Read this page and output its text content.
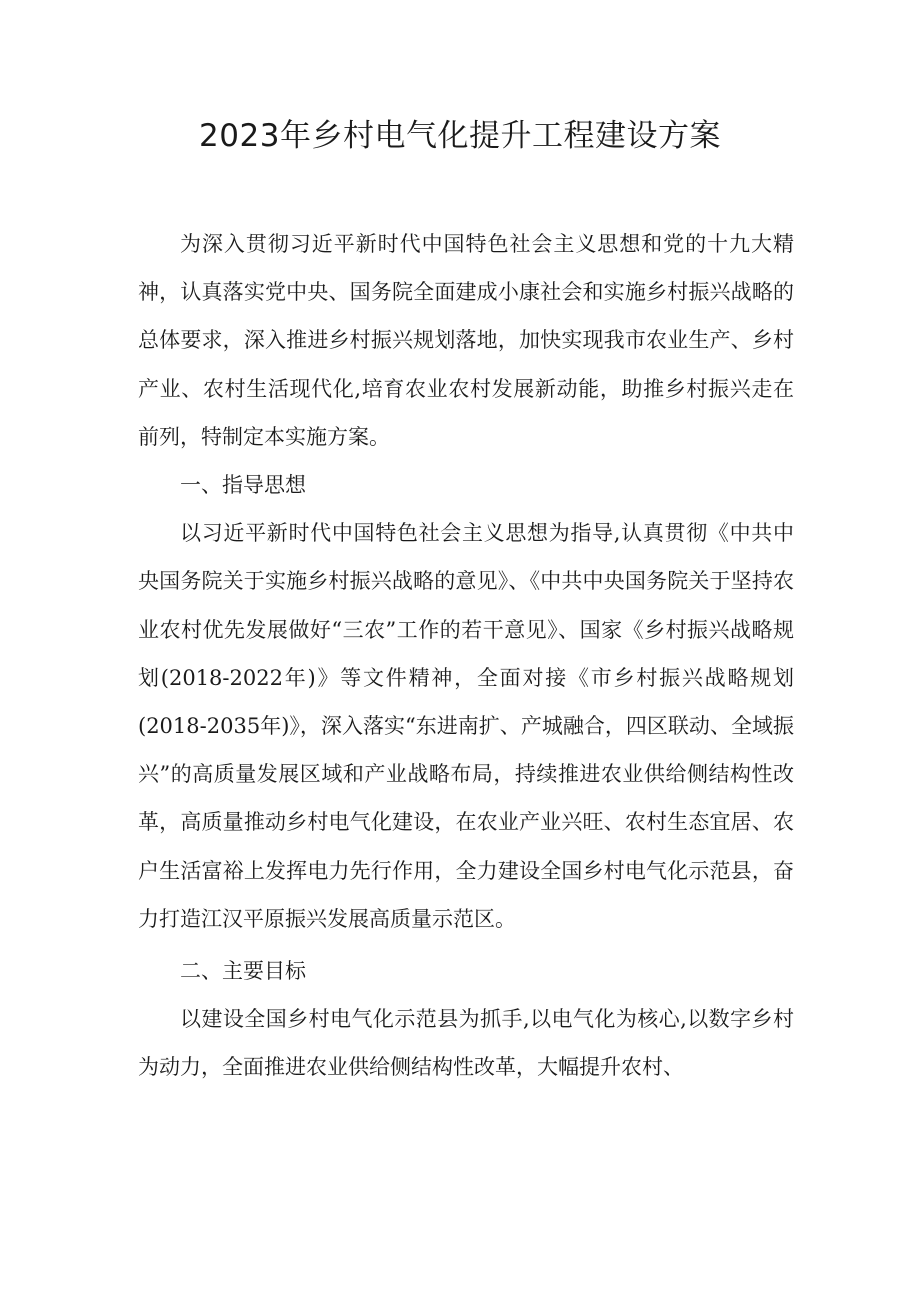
2023年乡村电气化提升工程建设方案

为深入贯彻习近平新时代中国特色社会主义思想和党的十九大精神，认真落实党中央、国务院全面建成小康社会和实施乡村振兴战略的总体要求，深入推进乡村振兴规划落地，加快实现我市农业生产、乡村产业、农村生活现代化,培育农业农村发展新动能，助推乡村振兴走在前列，特制定本实施方案。

一、指导思想

以习近平新时代中国特色社会主义思想为指导,认真贯彻《中共中央国务院关于实施乡村振兴战略的意见》、《中共中央国务院关于坚持农业农村优先发展做好“三农”工作的若干意见》、国家《乡村振兴战略规划(2018-2022年)》等文件精神，全面对接《市乡村振兴战略规划(2018-2035年)》，深入落实“东进南扩、产城融合，四区联动、全域振兴”的高质量发展区域和产业战略布局，持续推进农业供给侧结构性改革，高质量推动乡村电气化建设，在农业产业兴旺、农村生态宜居、农户生活富裕上发挥电力先行作用，全力建设全国乡村电气化示范县，奋力打造江汉平原振兴发展高质量示范区。

二、主要目标

以建设全国乡村电气化示范县为抓手,以电气化为核心,以数字乡村为动力，全面推进农业供给侧结构性改革，大幅提升农村、
